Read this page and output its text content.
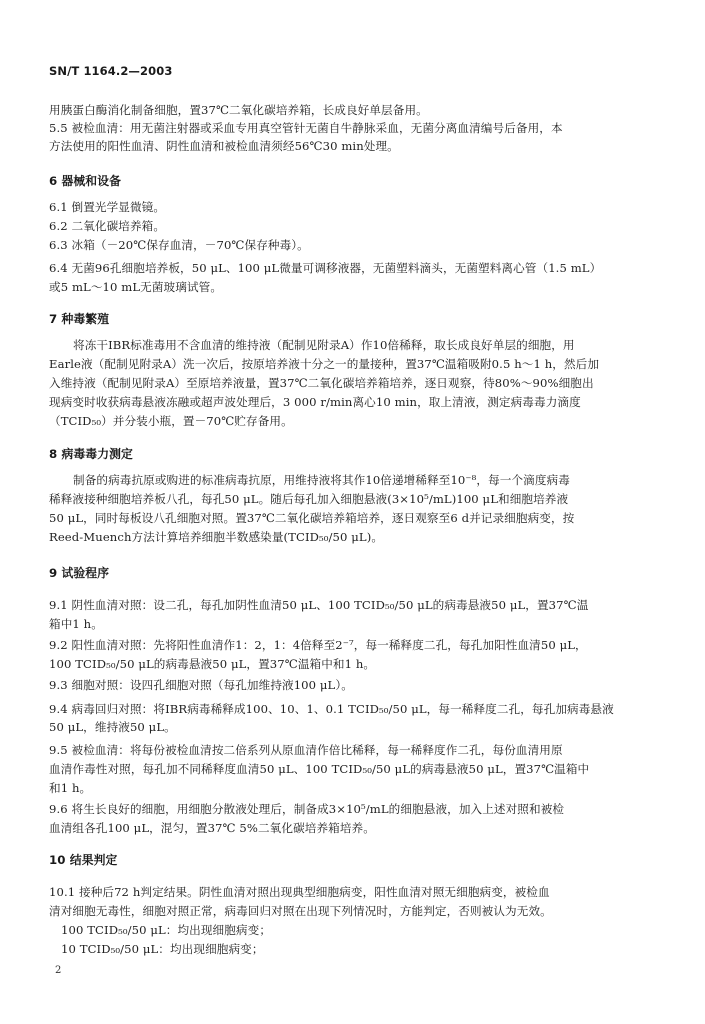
SN/T 1164.2—2003
用胰蛋白酶消化制备细胞，置37℃二氧化碳培养箱，长成良好单层备用。
5.5 被检血清：用无菌注射器或采血专用真空管针无菌自牛静脉采血，无菌分离血清编号后备用，本
方法使用的阳性血清、阴性血清和被检血清须经56℃30 min处理。
6 器械和设备
6.1 倒置光学显微镜。
6.2 二氧化碳培养箱。
6.3 冰箱（－20℃保存血清，－70℃保存种毒）。
6.4 无菌96孔细胞培养板，50 μL、100 μL微量可调移液器，无菌塑料滴头，无菌塑料离心管（1.5 mL）
或5 mL～10 mL无菌玻璃试管。
7 种毒繁殖
将冻干IBR标准毒用不含血清的维持液（配制见附录A）作10倍稀释，取长成良好单层的细胞，用
Earle液（配制见附录A）洗一次后，按原培养液十分之一的量接种，置37℃温箱吸附0.5 h～1 h，然后加
入维持液（配制见附录A）至原培养液量，置37℃二氧化碳培养箱培养，逐日观察，待80%～90%细胞出
现病变时收获病毒悬液冻融或超声波处理后，3 000 r/min离心10 min，取上清液，测定病毒毒力滴度
（TCID₅₀）并分装小瓶，置－70℃贮存备用。
8 病毒毒力测定
制备的病毒抗原或购进的标准病毒抗原，用维持液将其作10倍递增稀释至10⁻⁸，每一个滴度病毒
稀释液接种细胞培养板八孔，每孔50 μL。随后每孔加入细胞悬液(3×10⁵/mL)100 μL和细胞培养液
50 μL，同时每板设八孔细胞对照。置37℃二氧化碳培养箱培养，逐日观察至6 d并记录细胞病变，按
Reed-Muench方法计算培养细胞半数感染量(TCID₅₀/50 μL)。
9 试验程序
9.1 阴性血清对照：设二孔，每孔加阴性血清50 μL、100 TCID₅₀/50 μL的病毒悬液50 μL，置37℃温
箱中1 h。
9.2 阳性血清对照：先将阳性血清作1：2，1：4倍释至2⁻⁷，每一稀释度二孔，每孔加阳性血清50 μL，
100 TCID₅₀/50 μL的病毒悬液50 μL，置37℃温箱中和1 h。
9.3 细胞对照：设四孔细胞对照（每孔加维持液100 μL）。
9.4 病毒回归对照：将IBR病毒稀释成100、10、1、0.1 TCID₅₀/50 μL，每一稀释度二孔，每孔加病毒悬液
50 μL，维持液50 μL。
9.5 被检血清：将每份被检血清按二倍系列从原血清作倍比稀释，每一稀释度作二孔，每份血清用原
血清作毒性对照，每孔加不同稀释度血清50 μL、100 TCID₅₀/50 μL的病毒悬液50 μL，置37℃温箱中
和1 h。
9.6 将生长良好的细胞，用细胞分散液处理后，制备成3×10⁵/mL的细胞悬液，加入上述对照和被检
血清组各孔100 μL，混匀，置37℃ 5%二氧化碳培养箱培养。
10 结果判定
10.1 接种后72 h判定结果。阴性血清对照出现典型细胞病变，阳性血清对照无细胞病变，被检血
清对细胞无毒性，细胞对照正常，病毒回归对照在出现下列情况时，方能判定，否则被认为无效。
100 TCID₅₀/50 μL：均出现细胞病变；
10 TCID₅₀/50 μL：均出现细胞病变；
2
